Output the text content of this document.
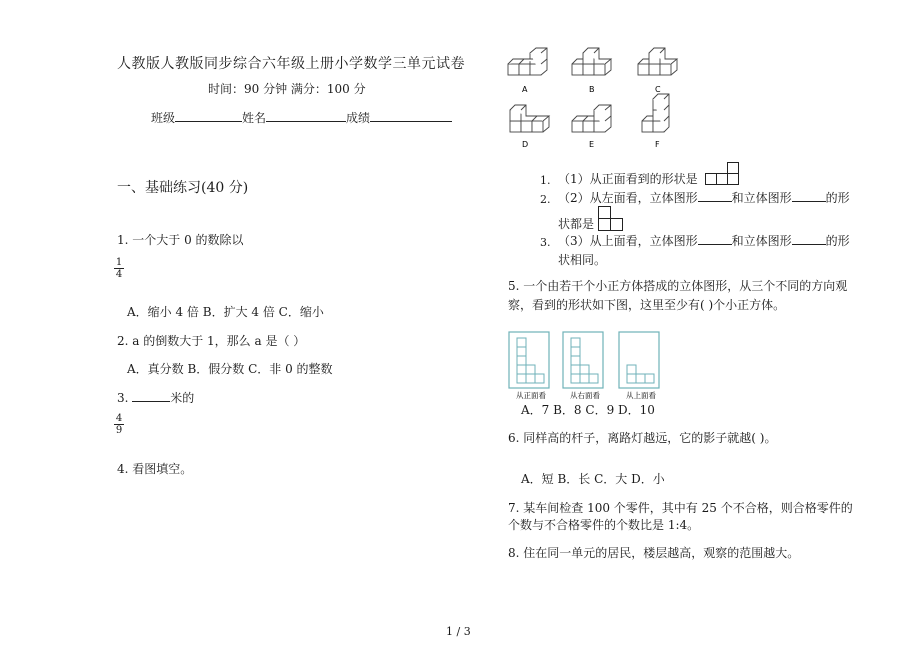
人教版人教版同步综合六年级上册小学数学三单元试卷
时间：90 分钟 满分：100 分
班级	姓名	成绩
一、基础练习(40 分)
1. 一个大于 0 的数除以
1
4
A．缩小 4 倍 B．扩大 4 倍 C．缩小
2. a 的倒数大于 1，那么 a 是（ ）
A．真分数 B．假分数 C．非 0 的整数
3.	米的
4
9
4. 看图填空。
A	B	C
D	E	F
1. （1）从正面看到的形状是
2. （2）从左面看，立体图形	和立体图形	的形
状都是
3. （3）从上面看，立体图形	和立体图形	的形
状相同。
5. 一个由若干个小正方体搭成的立体图形，从三个不同的方向观
察，看到的形状如下图，这里至少有( )个小正方体。
从正面看	从右面看	从上面看
A．7 B．8 C．9 D．10
6. 同样高的杆子，离路灯越远，它的影子就越( )。
A．短 B．长 C．大 D．小
7. 某车间检查 100 个零件，其中有 25 个不合格，则合格零件的
个数与不合格零件的个数比是 1:4。
8. 住在同一单元的居民，楼层越高，观察的范围越大。
1 / 3
